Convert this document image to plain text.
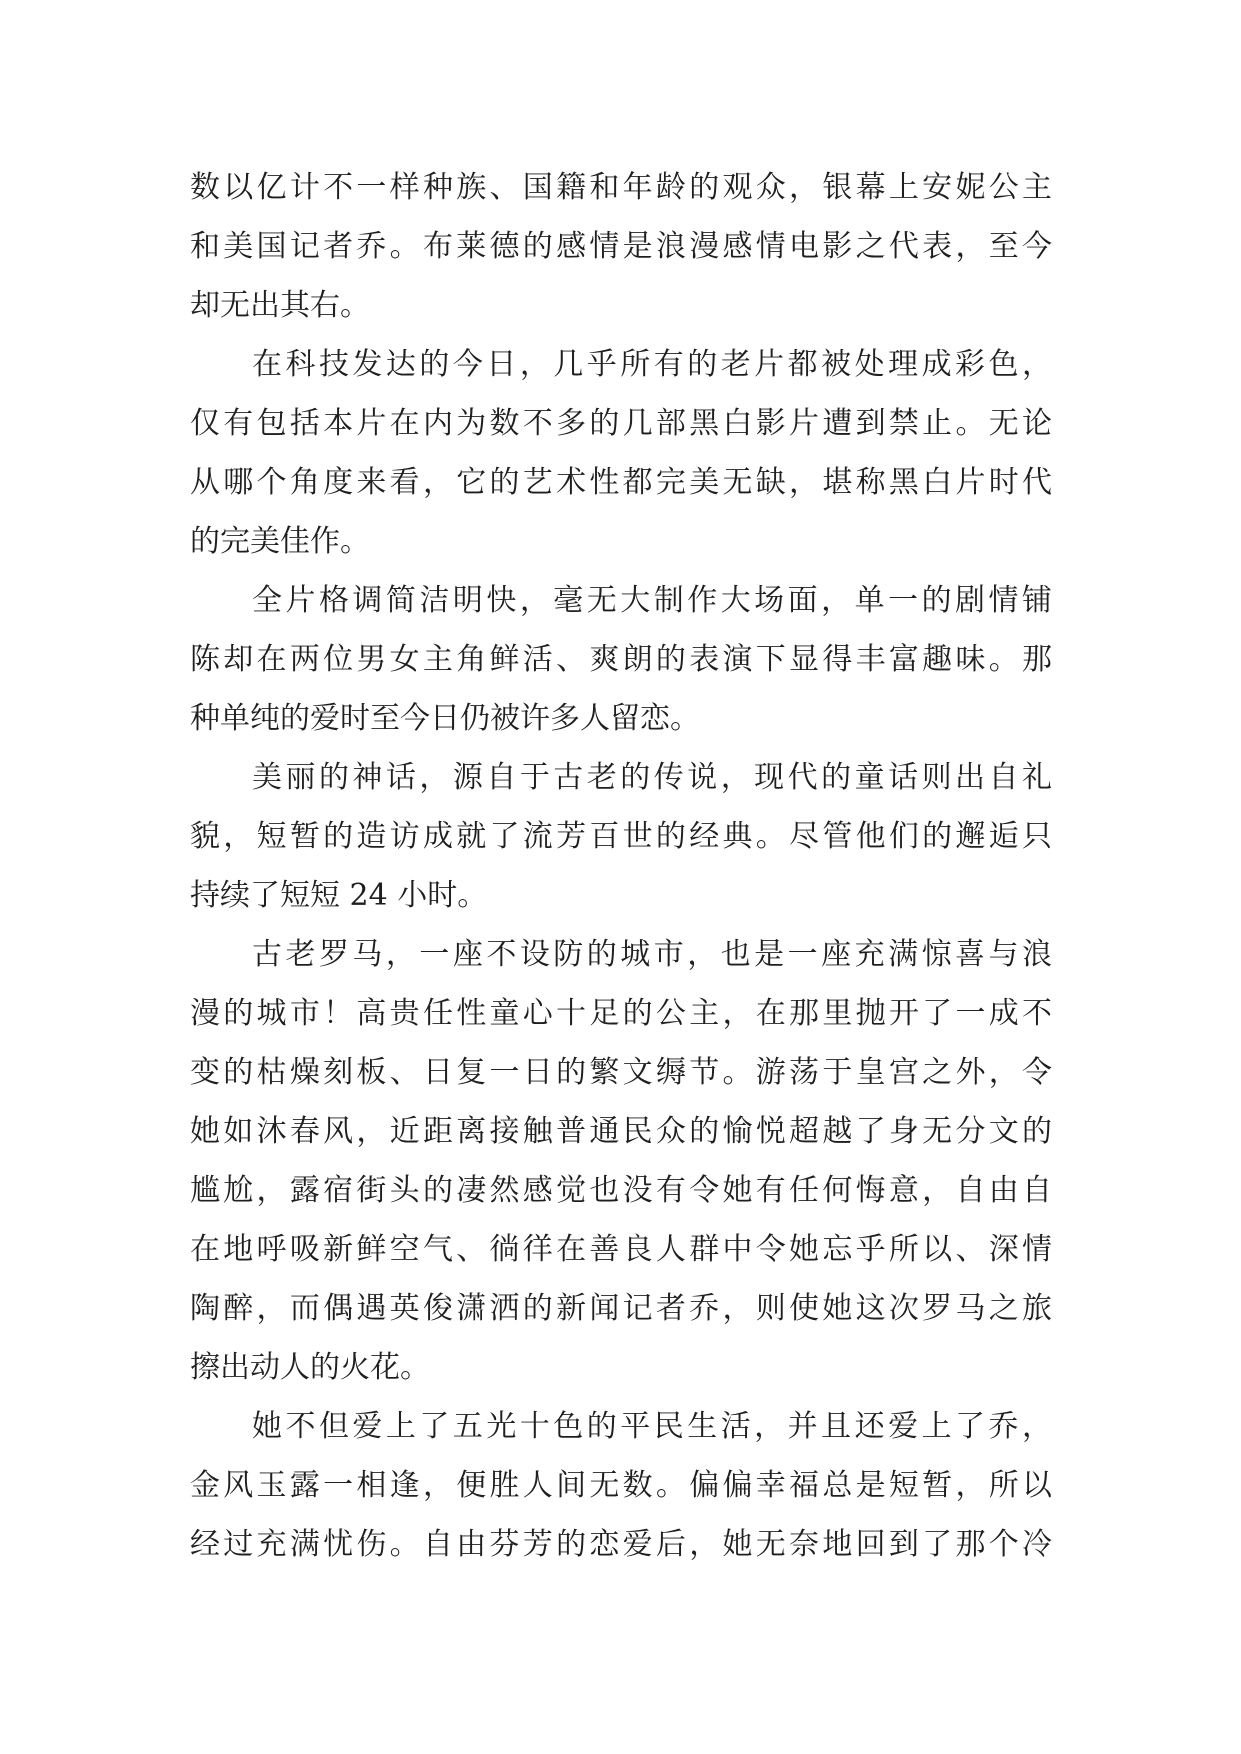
数以亿计不一样种族、国籍和年龄的观众，银幕上安妮公主
和美国记者乔。布莱德的感情是浪漫感情电影之代表，至今
却无出其右。
在科技发达的今日，几乎所有的老片都被处理成彩色，
仅有包括本片在内为数不多的几部黑白影片遭到禁止。无论
从哪个角度来看，它的艺术性都完美无缺，堪称黑白片时代
的完美佳作。
全片格调简洁明快，毫无大制作大场面，单一的剧情铺
陈却在两位男女主角鲜活、爽朗的表演下显得丰富趣味。那
种单纯的爱时至今日仍被许多人留恋。
美丽的神话，源自于古老的传说，现代的童话则出自礼
貌，短暂的造访成就了流芳百世的经典。尽管他们的邂逅只
持续了短短 24 小时。
古老罗马，一座不设防的城市，也是一座充满惊喜与浪
漫的城市！高贵任性童心十足的公主，在那里抛开了一成不
变的枯燥刻板、日复一日的繁文缛节。游荡于皇宫之外，令
她如沐春风，近距离接触普通民众的愉悦超越了身无分文的
尴尬，露宿街头的凄然感觉也没有令她有任何悔意，自由自
在地呼吸新鲜空气、徜徉在善良人群中令她忘乎所以、深情
陶醉，而偶遇英俊潇洒的新闻记者乔，则使她这次罗马之旅
擦出动人的火花。
她不但爱上了五光十色的平民生活，并且还爱上了乔，
金风玉露一相逢，便胜人间无数。偏偏幸福总是短暂，所以
经过充满忧伤。自由芬芳的恋爱后，她无奈地回到了那个冷
